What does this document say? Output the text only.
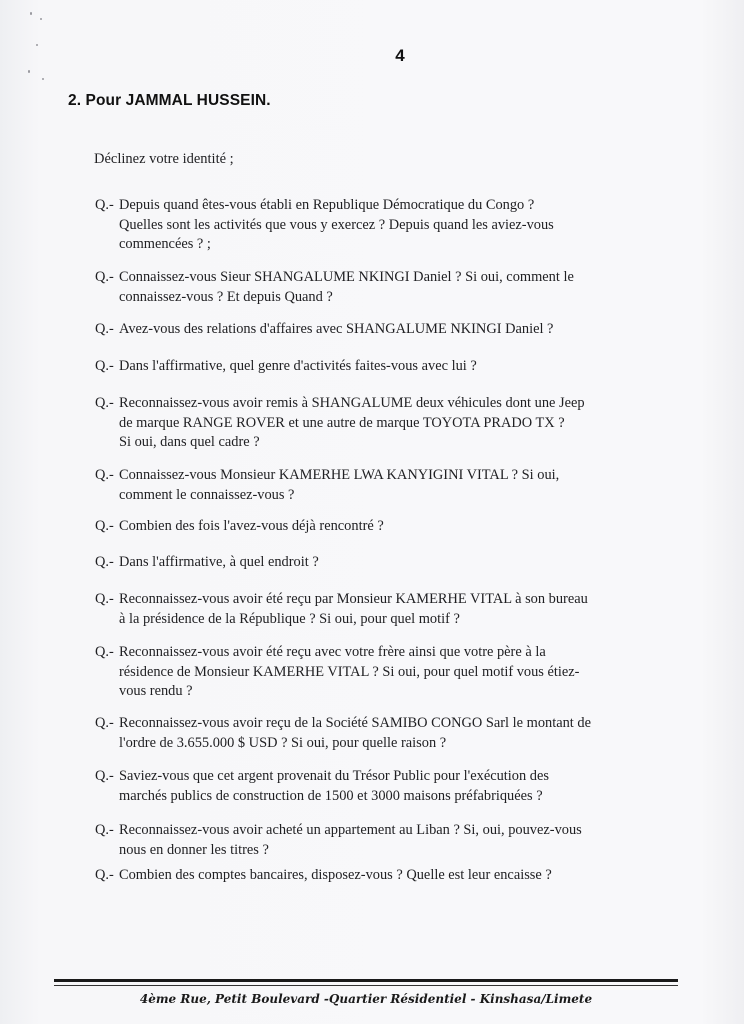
4
2. Pour JAMMAL HUSSEIN.
Déclinez votre identité ;
Q.- Depuis quand êtes-vous établi en Republique Démocratique du Congo ?
Quelles sont les activités que vous y exercez ? Depuis quand les aviez-vous
commencées ? ;
Q.- Connaissez-vous Sieur SHANGALUME NKINGI Daniel ? Si oui, comment le
connaissez-vous ? Et depuis Quand ?
Q.- Avez-vous des relations d'affaires avec SHANGALUME NKINGI Daniel ?
Q.- Dans l'affirmative, quel genre d'activités faites-vous avec lui ?
Q.- Reconnaissez-vous avoir remis à SHANGALUME deux véhicules dont une Jeep
de marque RANGE ROVER et une autre de marque TOYOTA PRADO TX ?
Si oui, dans quel cadre ?
Q.- Connaissez-vous Monsieur KAMERHE LWA KANYIGINI VITAL ? Si oui,
comment le connaissez-vous ?
Q.- Combien des fois l'avez-vous déjà rencontré ?
Q.- Dans l'affirmative, à quel endroit ?
Q.- Reconnaissez-vous avoir été reçu par Monsieur KAMERHE VITAL à son bureau
à la présidence de la République ? Si oui, pour quel motif ?
Q.- Reconnaissez-vous avoir été reçu avec votre frère ainsi que votre père à la
résidence de Monsieur KAMERHE VITAL ? Si oui, pour quel motif vous étiez-
vous rendu ?
Q.- Reconnaissez-vous avoir reçu de la Société SAMIBO CONGO Sarl le montant de
l'ordre de 3.655.000 $ USD ? Si oui, pour quelle raison ?
Q.- Saviez-vous que cet argent provenait du Trésor Public pour l'exécution des
marchés publics de construction de 1500 et 3000 maisons préfabriquées ?
Q.- Reconnaissez-vous avoir acheté un appartement au Liban ? Si, oui, pouvez-vous
nous en donner les titres ?
Q.- Combien des comptes bancaires, disposez-vous ? Quelle est leur encaisse ?
4ème Rue, Petit Boulevard -Quartier Résidentiel - Kinshasa/Limete
